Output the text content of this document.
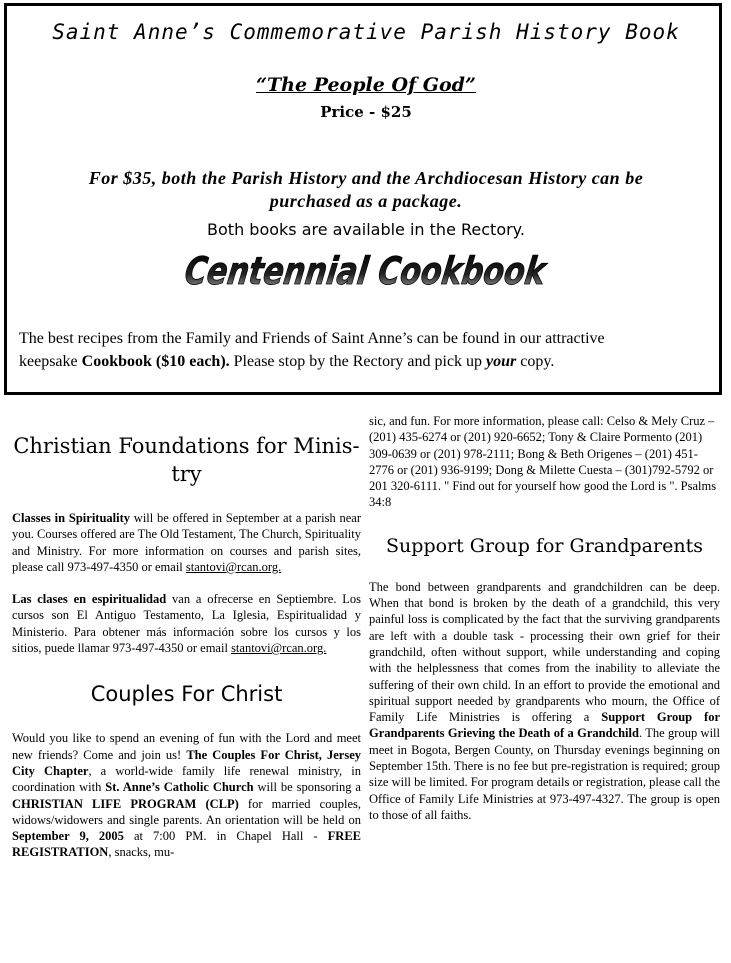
Saint Anne’s Commemorative Parish History Book
“The People Of God”
Price - $25
For $35, both the Parish History and the Archdiocesan History can be
purchased as a package.
Both books are available in the Rectory.
Centennial Cookbook
The best recipes from the Family and Friends of Saint Anne’s can be found in our attractive
keepsake Cookbook ($10 each). Please stop by the Rectory and pick up your copy.
Christian Foundations for Minis-
try

Classes in Spirituality will be offered in September at a parish near you. Courses offered are The Old Testament, The Church, Spirituality and Ministry. For more information on courses and parish sites, please call 973-497-4350 or email stantovi@rcan.org.

Las clases en espiritualidad van a ofrecerse en Septiembre. Los cursos son El Antiguo Testamento, La Iglesia, Espiritualidad y Ministerio. Para obtener más información sobre los cursos y los sitios, puede llamar 973-497-4350 or email stantovi@rcan.org.

Couples For Christ

Would you like to spend an evening of fun with the Lord and meet new friends? Come and join us! The Couples For Christ, Jersey City Chapter, a world-wide family life renewal ministry, in coordination with St. Anne’s Catholic Church will be sponsoring a CHRISTIAN LIFE PROGRAM (CLP) for married couples, widows/widowers and single parents. An orientation will be held on September 9, 2005 at 7:00 PM. in Chapel Hall - FREE REGISTRATION, snacks, mu-

sic, and fun. For more information, please call: Celso & Mely Cruz – (201) 435-6274 or (201) 920-6652; Tony & Claire Pormento (201) 309-0639 or (201) 978-2111; Bong & Beth Origenes – (201) 451-2776 or (201) 936-9199; Dong & Milette Cuesta – (301)792-5792 or 201 320-6111. " Find out for yourself how good the Lord is ". Psalms 34:8

Support Group for Grandparents

The bond between grandparents and grandchildren can be deep. When that bond is broken by the death of a grandchild, this very painful loss is complicated by the fact that the surviving grandparents are left with a double task - processing their own grief for their grandchild, often without support, while understanding and coping with the helplessness that comes from the inability to alleviate the suffering of their own child. In an effort to provide the emotional and spiritual support needed by grandparents who mourn, the Office of Family Life Ministries is offering a Support Group for Grandparents Grieving the Death of a Grandchild. The group will meet in Bogota, Bergen County, on Thursday evenings beginning on September 15th. There is no fee but pre-registration is required; group size will be limited. For program details or registration, please call the Office of Family Life Ministries at 973-497-4327. The group is open to those of all faiths.
